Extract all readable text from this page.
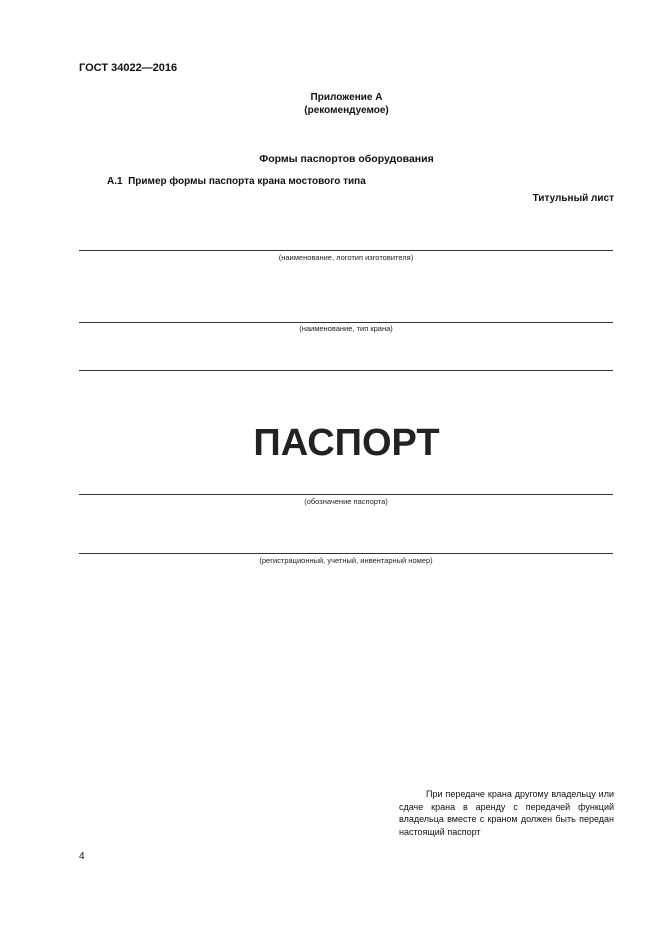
ГОСТ 34022—2016
Приложение А
(рекомендуемое)
Формы паспортов оборудования
А.1  Пример формы паспорта крана мостового типа
Титульный лист
(наименование, логотип изготовителя)
(наименование, тип крана)
ПАСПОРТ
(обозначение паспорта)
(регистрационный, учетный, инвентарный номер)
При передаче крана другому владельцу или сдаче крана в аренду с передачей функций владельца вместе с краном должен быть передан настоящий паспорт
4
